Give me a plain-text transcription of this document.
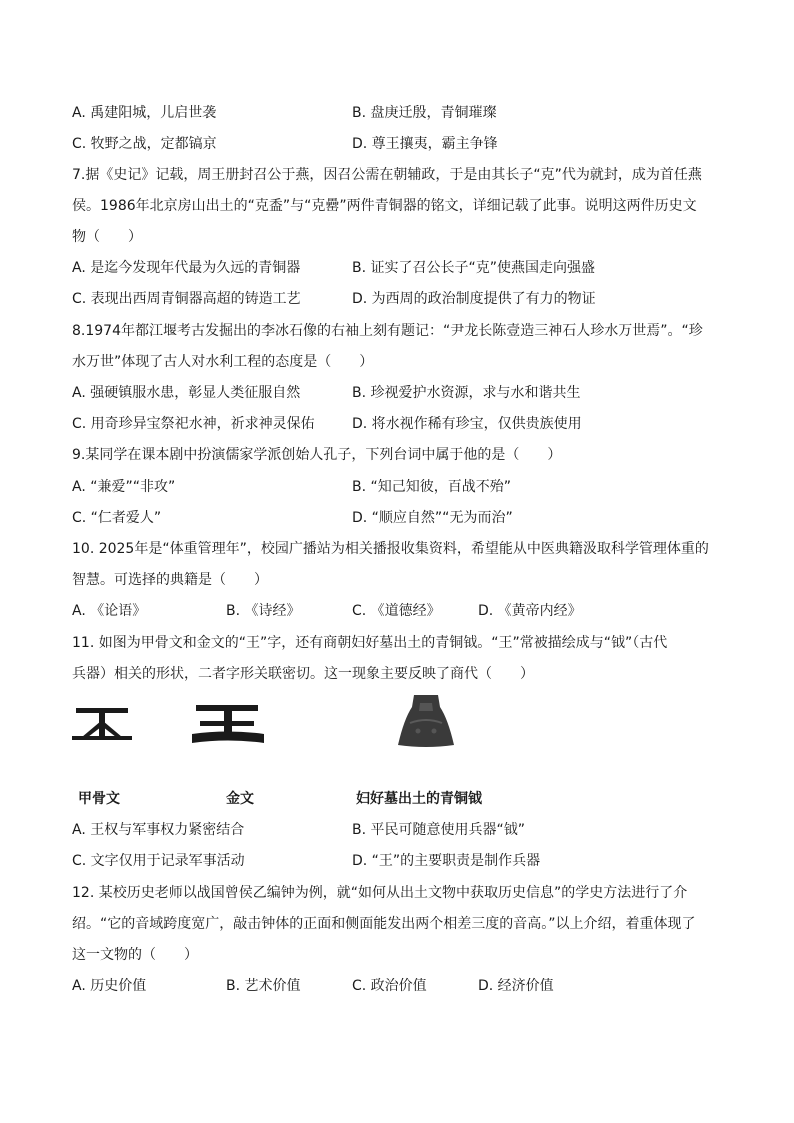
A. 禹建阳城，儿启世袭	B. 盘庚迁殷，青铜璀璨
C. 牧野之战，定都镐京	D. 尊王攘夷，霸主争锋
7.据《史记》记载，周王册封召公于燕，因召公需在朝辅政，于是由其长子“克”代为就封，成为首任燕
侯。1986年北京房山出土的“克盉”与“克罍”两件青铜器的铭文，详细记载了此事。说明这两件历史文
物（　　）
A. 是迄今发现年代最为久远的青铜器	B. 证实了召公长子“克”使燕国走向强盛
C. 表现出西周青铜器高超的铸造工艺	D. 为西周的政治制度提供了有力的物证
8.1974年都江堰考古发掘出的李冰石像的右袖上刻有题记：“尹龙长陈壹造三神石人珍水万世焉”。“珍
水万世”体现了古人对水利工程的态度是（　　）
A. 强硬镇服水患，彰显人类征服自然	B. 珍视爱护水资源，求与水和谐共生
C. 用奇珍异宝祭祀水神，祈求神灵保佑	D. 将水视作稀有珍宝，仅供贵族使用
9.某同学在课本剧中扮演儒家学派创始人孔子，下列台词中属于他的是（　　）
A. “兼爱”“非攻”	B. “知己知彼，百战不殆”
C. “仁者爱人”	D. “顺应自然”“无为而治”
10. 2025年是“体重管理年”，校园广播站为相关播报收集资料，希望能从中医典籍汲取科学管理体重的
智慧。可选择的典籍是（　　）
A. 《论语》	B. 《诗经》	C. 《道德经》	D. 《黄帝内经》
11. 如图为甲骨文和金文的“王”字，还有商朝妇好墓出土的青铜钺。“王”常被描绘成与“钺”（古代
兵器）相关的形状，二者字形关联密切。这一现象主要反映了商代（　　）
甲骨文	金文	妇好墓出土的青铜钺
A. 王权与军事权力紧密结合	B. 平民可随意使用兵器“钺”
C. 文字仅用于记录军事活动	D. “王”的主要职责是制作兵器
12. 某校历史老师以战国曾侯乙编钟为例，就“如何从出土文物中获取历史信息”的学史方法进行了介
绍。“它的音域跨度宽广，敲击钟体的正面和侧面能发出两个相差三度的音高。”以上介绍，着重体现了
这一文物的（　　）
A. 历史价值	B. 艺术价值	C. 政治价值	D. 经济价值
